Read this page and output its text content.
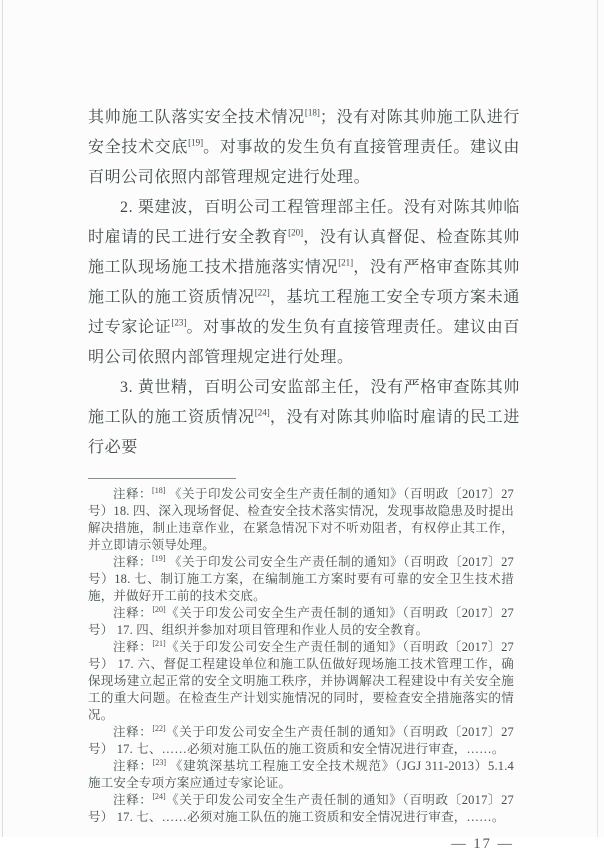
其帅施工队落实安全技术情况[18]；没有对陈其帅施工队进行安全技术交底[19]。对事故的发生负有直接管理责任。建议由百明公司依照内部管理规定进行处理。

2. 栗建波，百明公司工程管理部主任。没有对陈其帅临时雇请的民工进行安全教育[20]，没有认真督促、检查陈其帅施工队现场施工技术措施落实情况[21]，没有严格审查陈其帅施工队的施工资质情况[22]，基坑工程施工安全专项方案未通过专家论证[23]。对事故的发生负有直接管理责任。建议由百明公司依照内部管理规定进行处理。

3. 黄世精，百明公司安监部主任，没有严格审查陈其帅施工队的施工资质情况[24]，没有对陈其帅临时雇请的民工进行必要

注释：[18] 《关于印发公司安全生产责任制的通知》（百明政〔2017〕27 号）18. 四、深入现场督促、检查安全技术落实情况，发现事故隐患及时提出解决措施，制止违章作业，在紧急情况下对不听劝阻者，有权停止其工作，并立即请示领导处理。

注释：[19] 《关于印发公司安全生产责任制的通知》（百明政〔2017〕27 号）18. 七、制订施工方案，在编制施工方案时要有可靠的安全卫生技术措施，并做好开工前的技术交底。

注释：[20]《关于印发公司安全生产责任制的通知》（百明政〔2017〕27 号） 17. 四、组织并参加对项目管理和作业人员的安全教育。

注释：[21]《关于印发公司安全生产责任制的通知》（百明政〔2017〕27 号） 17. 六、督促工程建设单位和施工队伍做好现场施工技术管理工作，确保现场建立起正常的安全文明施工秩序，并协调解决工程建设中有关安全施工的重大问题。在检查生产计划实施情况的同时，要检查安全措施落实的情况。

注释：[22]《关于印发公司安全生产责任制的通知》（百明政〔2017〕27 号） 17. 七、……必须对施工队伍的施工资质和安全情况进行审查，……。

注释：[23] 《建筑深基坑工程施工安全技术规范》（JGJ 311-2013）5.1.4　施工安全专项方案应通过专家论证。

注释：[24]《关于印发公司安全生产责任制的通知》（百明政〔2017〕27 号） 17. 七、……必须对施工队伍的施工资质和安全情况进行审查，……。

— 17 —
